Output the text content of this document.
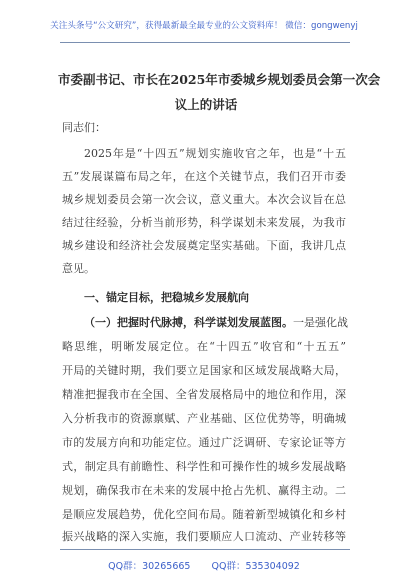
关注头条号“公文研究”，获得最新最全最专业的公文资料库！ 微信：gongwenyj
市委副书记、市长在2025年市委城乡规划委员会第一次会
议上的讲话
同志们：
2025年是“十四五”规划实施收官之年，也是“十五
五”发展谋篇布局之年，在这个关键节点，我们召开市委
城乡规划委员会第一次会议，意义重大。本次会议旨在总
结过往经验，分析当前形势，科学谋划未来发展，为我市
城乡建设和经济社会发展奠定坚实基础。下面，我讲几点
意见。
一、锚定目标，把稳城乡发展航向
（一）把握时代脉搏，科学谋划发展蓝图。一是强化战
略思维，明晰发展定位。在“十四五”收官和“十五五”
开局的关键时期，我们要立足国家和区域发展战略大局，
精准把握我市在全国、全省发展格局中的地位和作用，深
入分析我市的资源禀赋、产业基础、区位优势等，明确城
市的发展方向和功能定位。通过广泛调研、专家论证等方
式，制定具有前瞻性、科学性和可操作性的城乡发展战略
规划，确保我市在未来的发展中抢占先机、赢得主动。二
是顺应发展趋势，优化空间布局。随着新型城镇化和乡村
振兴战略的深入实施，我们要顺应人口流动、产业转移等
QQ群：30265665 QQ群：535304092
